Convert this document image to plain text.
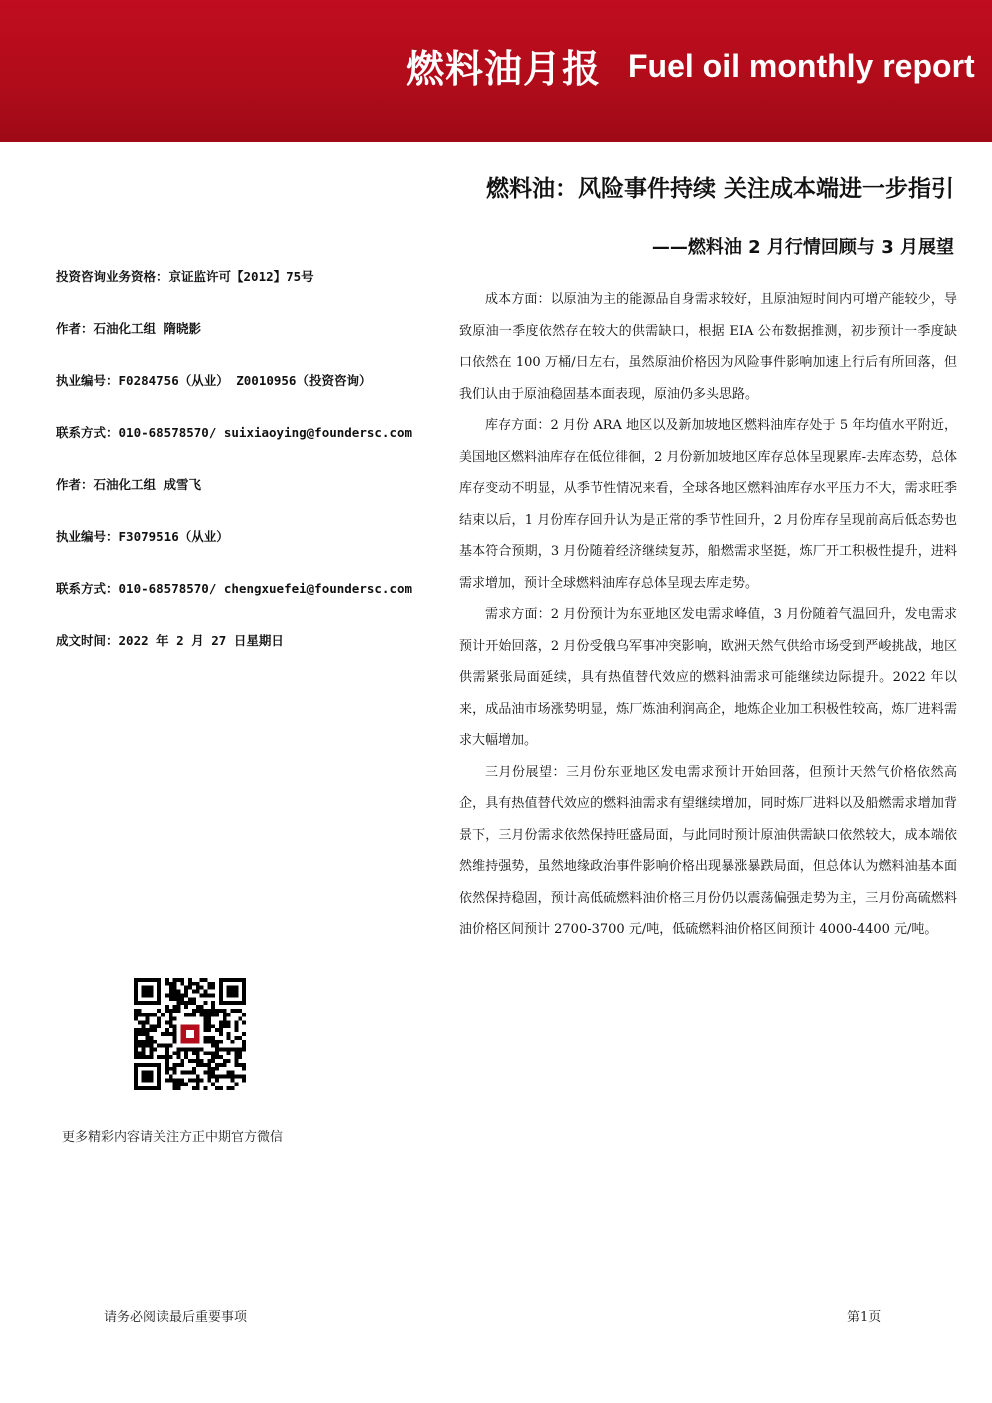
燃料油月报 Fuel oil monthly report
燃料油：风险事件持续 关注成本端进一步指引
——燃料油 2 月行情回顾与 3 月展望
投资咨询业务资格：京证监许可【2012】75号
作者：石油化工组 隋晓影
执业编号：F0284756（从业） Z0010956（投资咨询）
联系方式：010-68578570/ suixiaoying@foundersc.com
作者：石油化工组 成雪飞
执业编号：F3079516（从业）
联系方式：010-68578570/ chengxuefei@foundersc.com
成文时间：2022 年 2 月 27 日星期日

成本方面：以原油为主的能源品自身需求较好，且原油短时间内可增产能较少，导致原油一季度依然存在较大的供需缺口，根据 EIA 公布数据推测，初步预计一季度缺口依然在 100 万桶/日左右，虽然原油价格因为风险事件影响加速上行后有所回落，但我们认由于原油稳固基本面表现，原油仍多头思路。

库存方面：2 月份 ARA 地区以及新加坡地区燃料油库存处于 5 年均值水平附近，美国地区燃料油库存在低位徘徊，2 月份新加坡地区库存总体呈现累库-去库态势，总体库存变动不明显，从季节性情况来看，全球各地区燃料油库存水平压力不大，需求旺季结束以后，1 月份库存回升认为是正常的季节性回升，2 月份库存呈现前高后低态势也基本符合预期，3 月份随着经济继续复苏，船燃需求坚挺，炼厂开工积极性提升，进料需求增加，预计全球燃料油库存总体呈现去库走势。

需求方面：2 月份预计为东亚地区发电需求峰值，3 月份随着气温回升，发电需求预计开始回落，2 月份受俄乌军事冲突影响，欧洲天然气供给市场受到严峻挑战，地区供需紧张局面延续，具有热值替代效应的燃料油需求可能继续边际提升。2022 年以来，成品油市场涨势明显，炼厂炼油利润高企，地炼企业加工积极性较高，炼厂进料需求大幅增加。

三月份展望：三月份东亚地区发电需求预计开始回落，但预计天然气价格依然高企，具有热值替代效应的燃料油需求有望继续增加，同时炼厂进料以及船燃需求增加背景下，三月份需求依然保持旺盛局面，与此同时预计原油供需缺口依然较大，成本端依然维持强势，虽然地缘政治事件影响价格出现暴涨暴跌局面，但总体认为燃料油基本面依然保持稳固，预计高低硫燃料油价格三月份仍以震荡偏强走势为主，三月份高硫燃料油价格区间预计 2700-3700 元/吨，低硫燃料油价格区间预计 4000-4400 元/吨。

更多精彩内容请关注方正中期官方微信
请务必阅读最后重要事项	第1页
